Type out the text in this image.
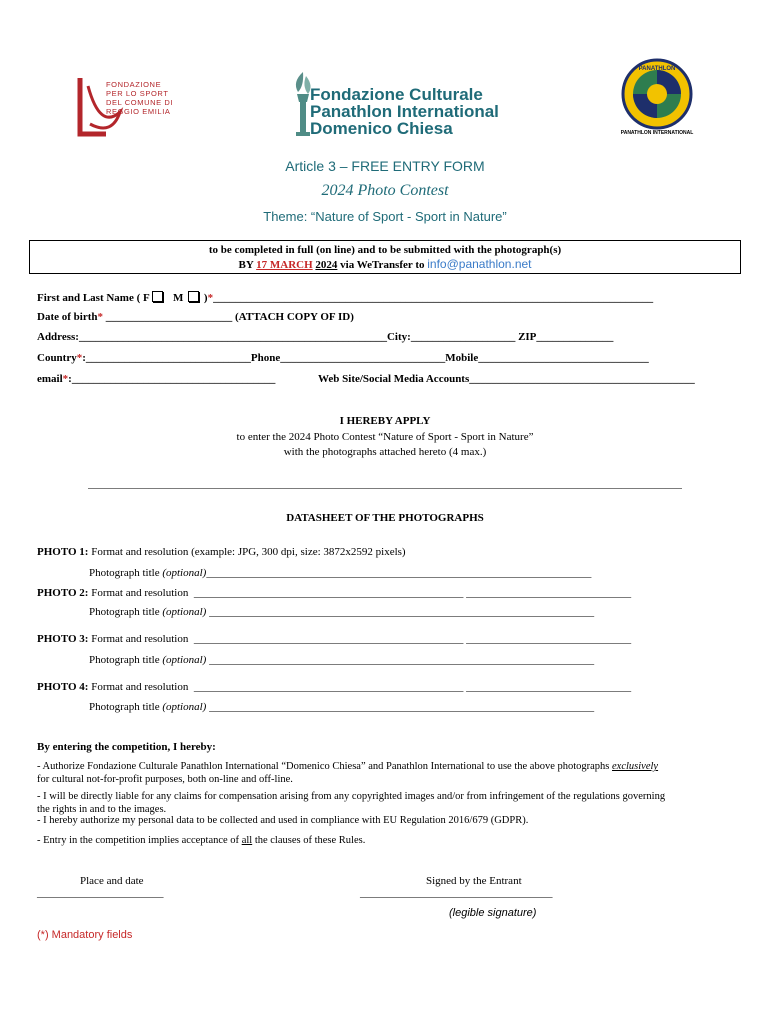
FONDAZIONE
PER LO SPORT
DEL COMUNE DI
REGGIO EMILIA
Fondazione Culturale
Panathlon International
Domenico Chiesa
PANATHLON
PANATHLON INTERNATIONAL
Article 3 – FREE ENTRY FORM
2024 Photo Contest
Theme: “Nature of Sport - Sport in Nature”
to be completed in full (on line) and to be submitted with the photograph(s)
BY 17 MARCH 2024 via WeTransfer to info@panathlon.net
First and Last Name ( F M )*________________________________________________________________________________
Date of birth* _______________________ (ATTACH COPY OF ID)
Address:________________________________________________________City:___________________ ZIP______________
Country*:______________________________Phone______________________________Mobile_______________________________
email*:_____________________________________	Web Site/Social Media Accounts_________________________________________
I HEREBY APPLY
to enter the 2024 Photo Contest “Nature of Sport - Sport in Nature”
with the photographs attached hereto (4 max.)
____________________________________________________________________________________________________________
DATASHEET OF THE PHOTOGRAPHS
PHOTO 1: Format and resolution (example: JPG, 300 dpi, size: 3872x2592 pixels)
Photograph title (optional)______________________________________________________________________
PHOTO 2: Format and resolution _________________________________________________ ______________________________
Photograph title (optional) ______________________________________________________________________
PHOTO 3: Format and resolution _________________________________________________ ______________________________
Photograph title (optional) ______________________________________________________________________
PHOTO 4: Format and resolution _________________________________________________ ______________________________
Photograph title (optional) ______________________________________________________________________
By entering the competition, I hereby:
- Authorize Fondazione Culturale Panathlon International “Domenico Chiesa” and Panathlon International to use the above photographs exclusively
for cultural not-for-profit purposes, both on-line and off-line.
- I will be directly liable for any claims for compensation arising from any copyrighted images and/or from infringement of the regulations governing
the rights in and to the images.
- I hereby authorize my personal data to be collected and used in compliance with EU Regulation 2016/679 (GDPR).
- Entry in the competition implies acceptance of all the clauses of these Rules.
Place and date
_______________________
Signed by the Entrant
___________________________________
(legible signature)
(*) Mandatory fields
